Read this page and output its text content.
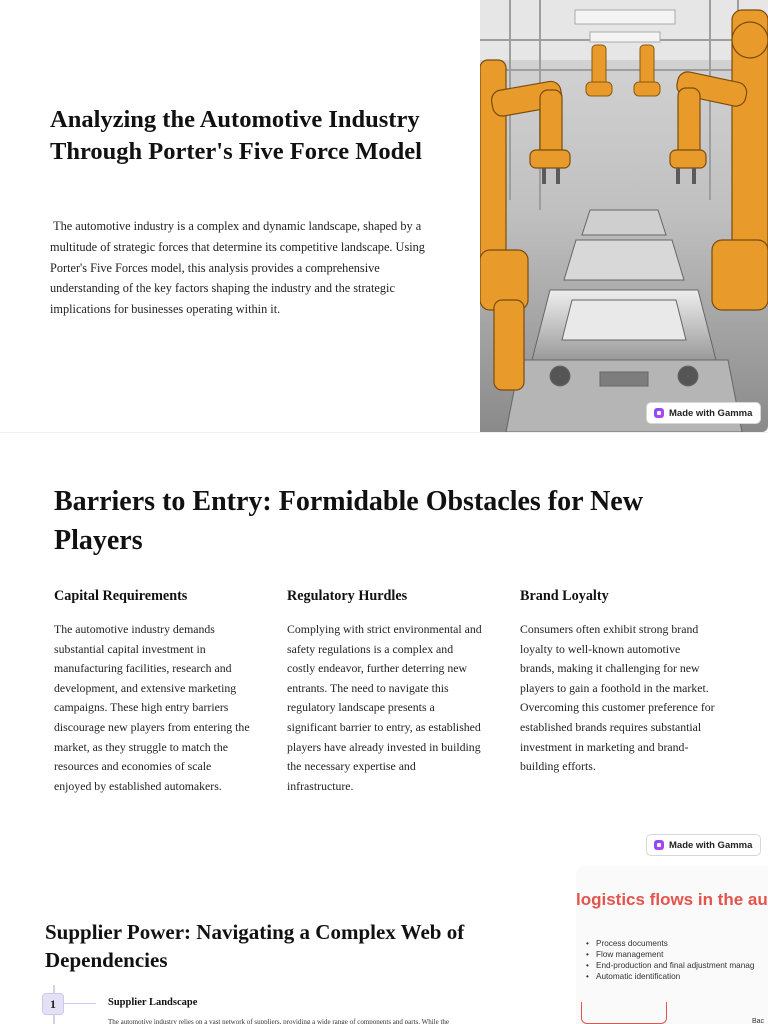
Analyzing the Automotive Industry Through Porter's Five Force Model

The automotive industry is a complex and dynamic landscape, shaped by a multitude of strategic forces that determine its competitive landscape. Using Porter's Five Forces model, this analysis provides a comprehensive understanding of the key factors shaping the industry and the strategic implications for businesses operating within it.

Made with Gamma
Barriers to Entry: Formidable Obstacles for New Players
Capital Requirements

The automotive industry demands substantial capital investment in manufacturing facilities, research and development, and extensive marketing campaigns. These high entry barriers discourage new players from entering the market, as they struggle to match the resources and economies of scale enjoyed by established automakers.

Regulatory Hurdles

Complying with strict environmental and safety regulations is a complex and costly endeavor, further deterring new entrants. The need to navigate this regulatory landscape presents a significant barrier to entry, as established players have already invested in building the necessary expertise and infrastructure.

Brand Loyalty

Consumers often exhibit strong brand loyalty to well-known automotive brands, making it challenging for new players to gain a foothold in the market. Overcoming this customer preference for established brands requires substantial investment in marketing and brand-building efforts.

Made with Gamma
Supplier Power: Navigating a Complex Web of Dependencies
1	Supplier Landscape
The automotive industry relies on a vast network of suppliers, providing a wide range of components and parts. While the
logistics flows in the au
• Process documents
• Flow management
• End-production and final adjustment manag
• Automatic identification
Bac
